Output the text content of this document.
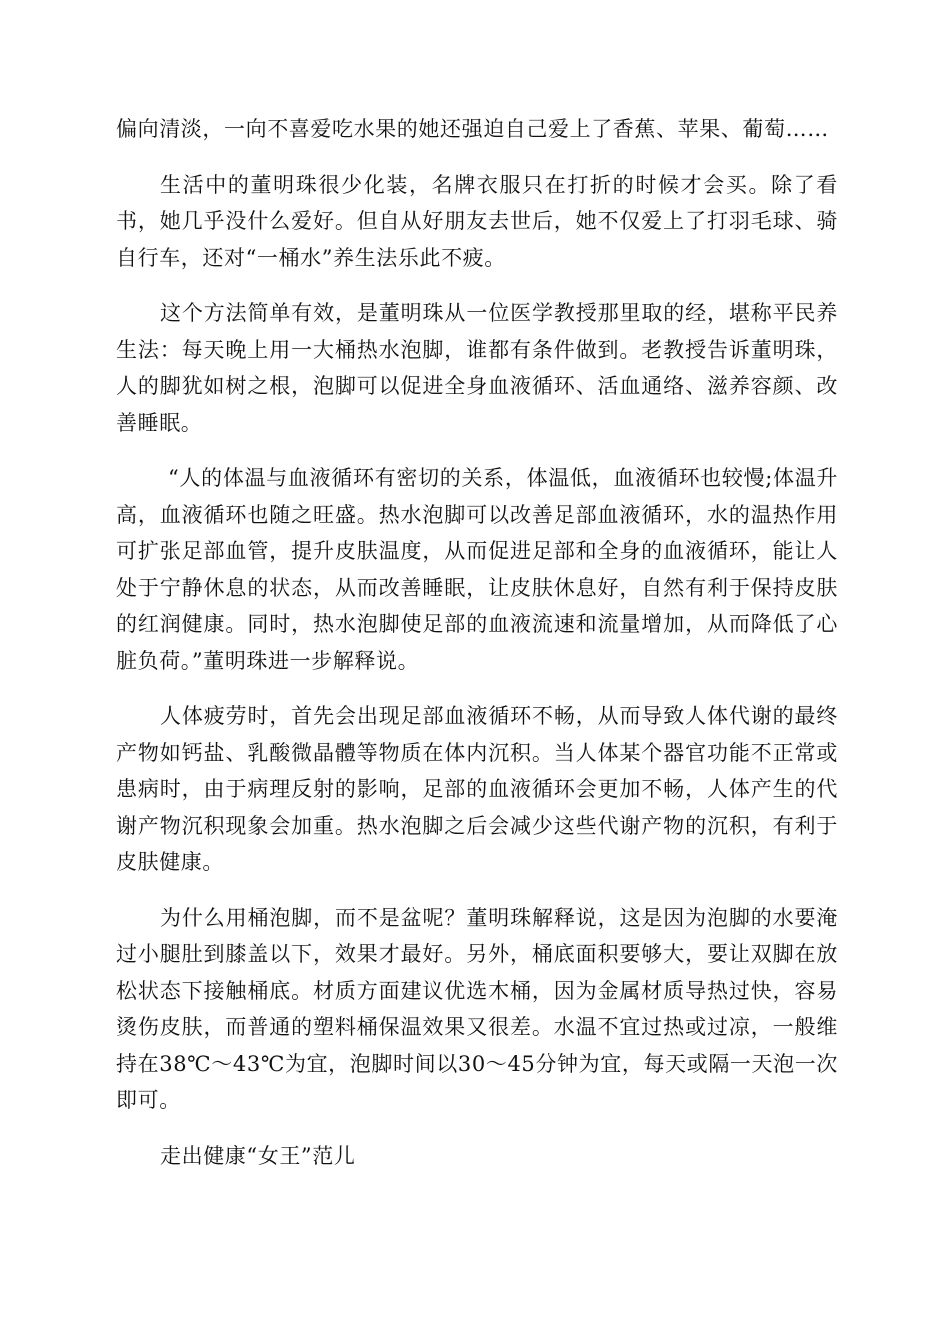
偏向清淡，一向不喜爱吃水果的她还强迫自己爱上了香蕉、苹果、葡萄……

生活中的董明珠很少化装，名牌衣服只在打折的时候才会买。除了看书，她几乎没什么爱好。但自从好朋友去世后，她不仅爱上了打羽毛球、骑自行车，还对“一桶水”养生法乐此不疲。

这个方法简单有效，是董明珠从一位医学教授那里取的经，堪称平民养生法：每天晚上用一大桶热水泡脚，谁都有条件做到。老教授告诉董明珠，人的脚犹如树之根，泡脚可以促进全身血液循环、活血通络、滋养容颜、改善睡眠。

“人的体温与血液循环有密切的关系，体温低，血液循环也较慢;体温升高，血液循环也随之旺盛。热水泡脚可以改善足部血液循环，水的温热作用可扩张足部血管，提升皮肤温度，从而促进足部和全身的血液循环，能让人处于宁静休息的状态，从而改善睡眠，让皮肤休息好，自然有利于保持皮肤的红润健康。同时，热水泡脚使足部的血液流速和流量增加，从而降低了心脏负荷。”董明珠进一步解释说。

人体疲劳时，首先会出现足部血液循环不畅，从而导致人体代谢的最终产物如钙盐、乳酸微晶體等物质在体内沉积。当人体某个器官功能不正常或患病时，由于病理反射的影响，足部的血液循环会更加不畅，人体产生的代谢产物沉积现象会加重。热水泡脚之后会减少这些代谢产物的沉积，有利于皮肤健康。

为什么用桶泡脚，而不是盆呢？董明珠解释说，这是因为泡脚的水要淹过小腿肚到膝盖以下，效果才最好。另外，桶底面积要够大，要让双脚在放松状态下接触桶底。材质方面建议优选木桶，因为金属材质导热过快，容易烫伤皮肤，而普通的塑料桶保温效果又很差。水温不宜过热或过凉，一般维持在38℃～43℃为宜，泡脚时间以30～45分钟为宜，每天或隔一天泡一次即可。

走出健康“女王”范儿
